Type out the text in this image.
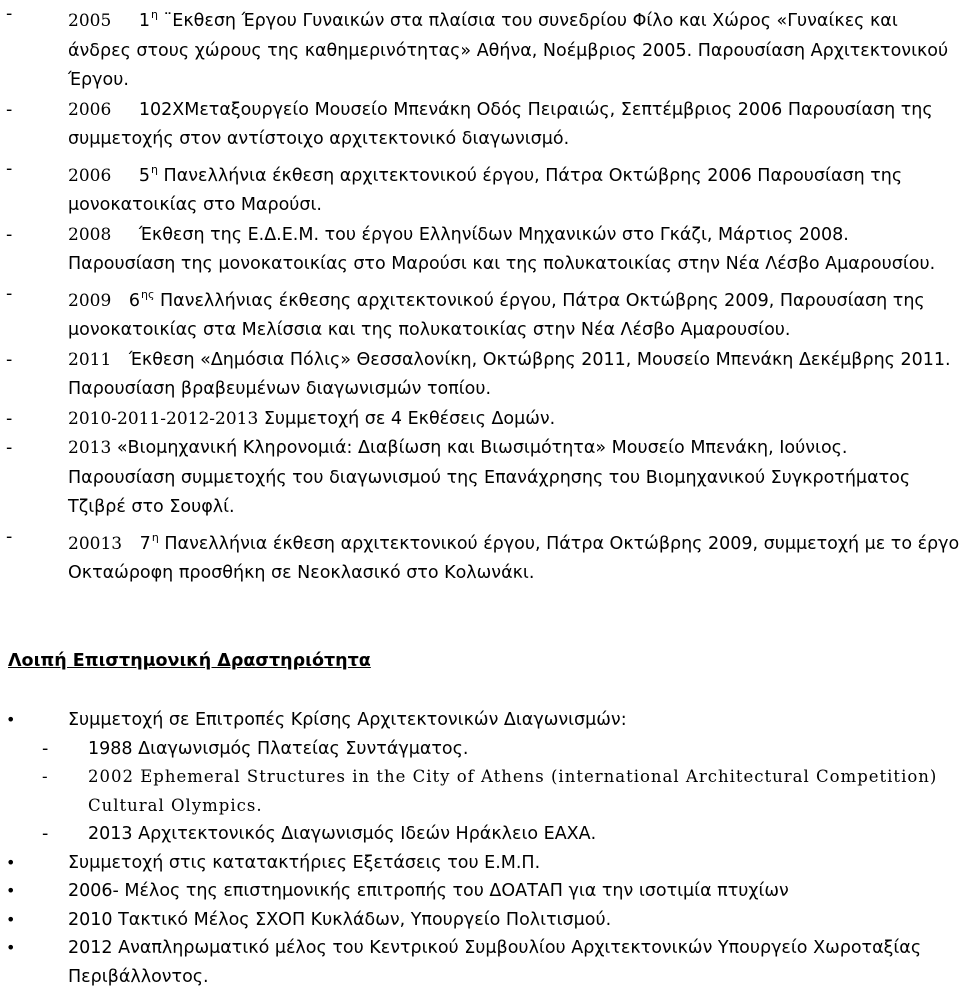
-	2005 $1^\eta$ ¨Εκθεση Έργου Γυναικών στα πλαίσια του συνεδρίου Φίλο και Χώρος «Γυναίκες και άνδρες στους χώρους της καθημερινότητας» Αθήνα, Νοέμβριος 2005. Παρουσίαση Αρχιτεκτονικού Έργου.
-	2006 102ΧΜεταξουργείο Μουσείο Μπενάκη Οδός Πειραιώς, Σεπτέμβριος 2006 Παρουσίαση της συμμετοχής στον αντίστοιχο αρχιτεκτονικό διαγωνισμό.
-	2006 $5^\eta$ Πανελλήνια έκθεση αρχιτεκτονικού έργου, Πάτρα Οκτώβρης 2006 Παρουσίαση της μονοκατοικίας στο Μαρούσι.
-	2008 Έκθεση της Ε.Δ.Ε.Μ. του έργου Ελληνίδων Μηχανικών στο Γκάζι, Μάρτιος 2008. Παρουσίαση της μονοκατοικίας στο Μαρούσι και της πολυκατοικίας στην Νέα Λέσβο Αμαρουσίου.
-	2009 $6^{\eta\varsigma}$ Πανελλήνιας έκθεσης αρχιτεκτονικού έργου, Πάτρα Οκτώβρης 2009, Παρουσίαση της μονοκατοικίας στα Μελίσσια και της πολυκατοικίας στην Νέα Λέσβο Αμαρουσίου.
-	2011 Έκθεση «Δημόσια Πόλις» Θεσσαλονίκη, Οκτώβρης 2011, Μουσείο Μπενάκη Δεκέμβρης 2011. Παρουσίαση βραβευμένων διαγωνισμών τοπίου.
-	2010-2011-2012-2013 Συμμετοχή σε 4 Εκθέσεις Δομών.
-	2013 «Βιομηχανική Κληρονομιά: Διαβίωση και Βιωσιμότητα» Μουσείο Μπενάκη, Ιούνιος. Παρουσίαση συμμετοχής του διαγωνισμού της Επανάχρησης του Βιομηχανικού Συγκροτήματος Τζιβρέ στο Σουφλί.
-	20013 $7^\eta$ Πανελλήνια έκθεση αρχιτεκτονικού έργου, Πάτρα Οκτώβρης 2009, συμμετοχή με το έργο Οκταώροφη προσθήκη σε Νεοκλασικό στο Κολωνάκι.
Λοιπή Επιστημονική Δραστηριότητα
•	Συμμετοχή σε Επιτροπές Κρίσης Αρχιτεκτονικών Διαγωνισμών:
- 1988 Διαγωνισμός Πλατείας Συντάγματος.
- 2002 Ephemeral Structures in the City of Athens (international Architectural Competition) Cultural Olympics.
- 2013 Αρχιτεκτονικός Διαγωνισμός Ιδεών Ηράκλειο ΕΑΧΑ.
•	Συμμετοχή στις κατατακτήριες Εξετάσεις του Ε.Μ.Π.
•	2006- Μέλος της επιστημονικής επιτροπής του ΔΟΑΤΑΠ για την ισοτιμία πτυχίων
•	2010 Τακτικό Μέλος ΣΧΟΠ Κυκλάδων, Υπουργείο Πολιτισμού.
•	2012 Αναπληρωματικό μέλος του Κεντρικού Συμβουλίου Αρχιτεκτονικών Υπουργείο Χωροταξίας Περιβάλλοντος.
